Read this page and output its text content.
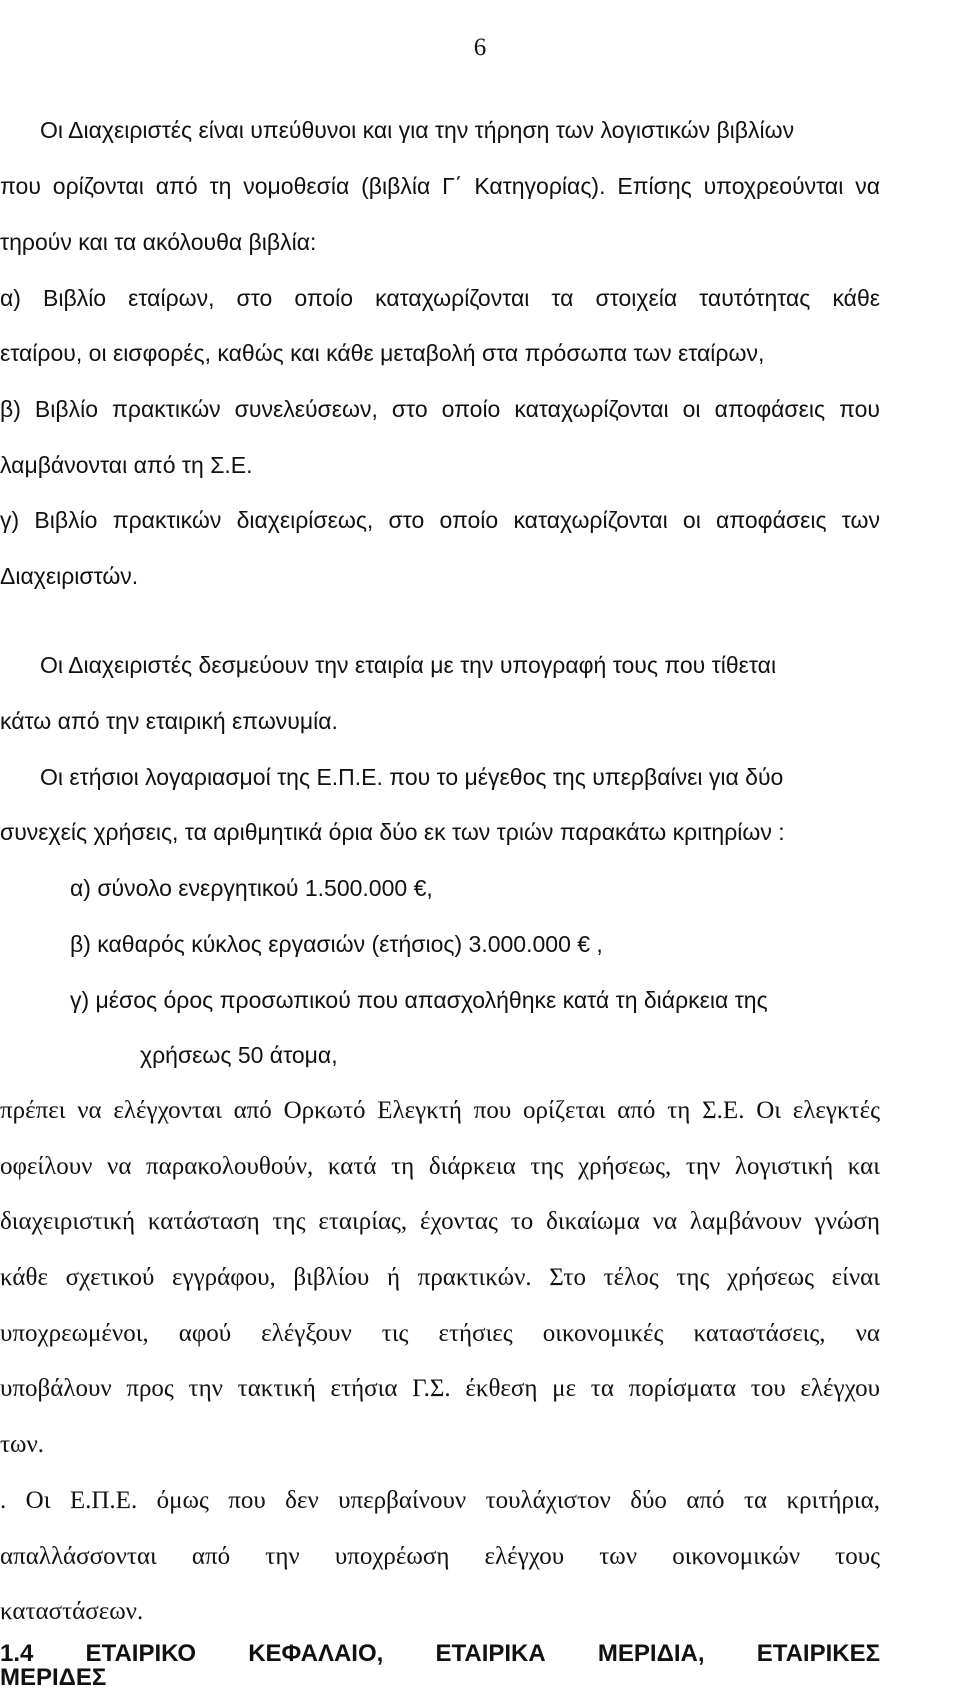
6
Οι Διαχειριστές είναι υπεύθυνοι και για την τήρηση των λογιστικών βιβλίων
που ορίζονται από τη νομοθεσία (βιβλία Γ΄ Κατηγορίας). Επίσης υποχρεούνται να
τηρούν και τα ακόλουθα βιβλία:
α) Βιβλίο εταίρων, στο οποίο καταχωρίζονται τα στοιχεία ταυτότητας κάθε
εταίρου, οι εισφορές, καθώς και κάθε μεταβολή στα πρόσωπα των εταίρων,
β) Βιβλίο πρακτικών συνελεύσεων, στο οποίο καταχωρίζονται οι αποφάσεις που
λαμβάνονται από τη Σ.Ε.
γ) Βιβλίο πρακτικών διαχειρίσεως, στο οποίο καταχωρίζονται οι αποφάσεις των
Διαχειριστών.
Οι Διαχειριστές δεσμεύουν την εταιρία με την υπογραφή τους που τίθεται
κάτω από την εταιρική επωνυμία.
Οι ετήσιοι λογαριασμοί της Ε.Π.Ε. που το μέγεθος της υπερβαίνει για δύο
συνεχείς χρήσεις, τα αριθμητικά όρια δύο εκ των τριών παρακάτω κριτηρίων :
α) σύνολο ενεργητικού 1.500.000 €,
β) καθαρός κύκλος εργασιών (ετήσιος) 3.000.000 € ,
γ) μέσος όρος προσωπικού που απασχολήθηκε κατά τη διάρκεια της
χρήσεως 50 άτομα,
πρέπει να ελέγχονται από Ορκωτό Ελεγκτή που ορίζεται από τη Σ.Ε. Οι ελεγκτές
οφείλουν να παρακολουθούν, κατά τη διάρκεια της χρήσεως, την λογιστική και
διαχειριστική κατάσταση της εταιρίας, έχοντας το δικαίωμα να λαμβάνουν γνώση
κάθε σχετικού εγγράφου, βιβλίου ή πρακτικών. Στο τέλος της χρήσεως είναι
υποχρεωμένοι, αφού ελέγξουν τις ετήσιες οικονομικές καταστάσεις, να
υποβάλουν προς την τακτική ετήσια Γ.Σ. έκθεση με τα πορίσματα του ελέγχου
των.
. Οι Ε.Π.Ε. όμως που δεν υπερβαίνουν τουλάχιστον δύο από τα κριτήρια,
απαλλάσσονται από την υποχρέωση ελέγχου των οικονομικών τους
καταστάσεων.
1.4 ΕΤΑΙΡΙΚΟ ΚΕΦΑΛΑΙΟ, ΕΤΑΙΡΙΚΑ ΜΕΡΙΔΙΑ, ΕΤΑΙΡΙΚΕΣ
ΜΕΡΙΔΕΣ
